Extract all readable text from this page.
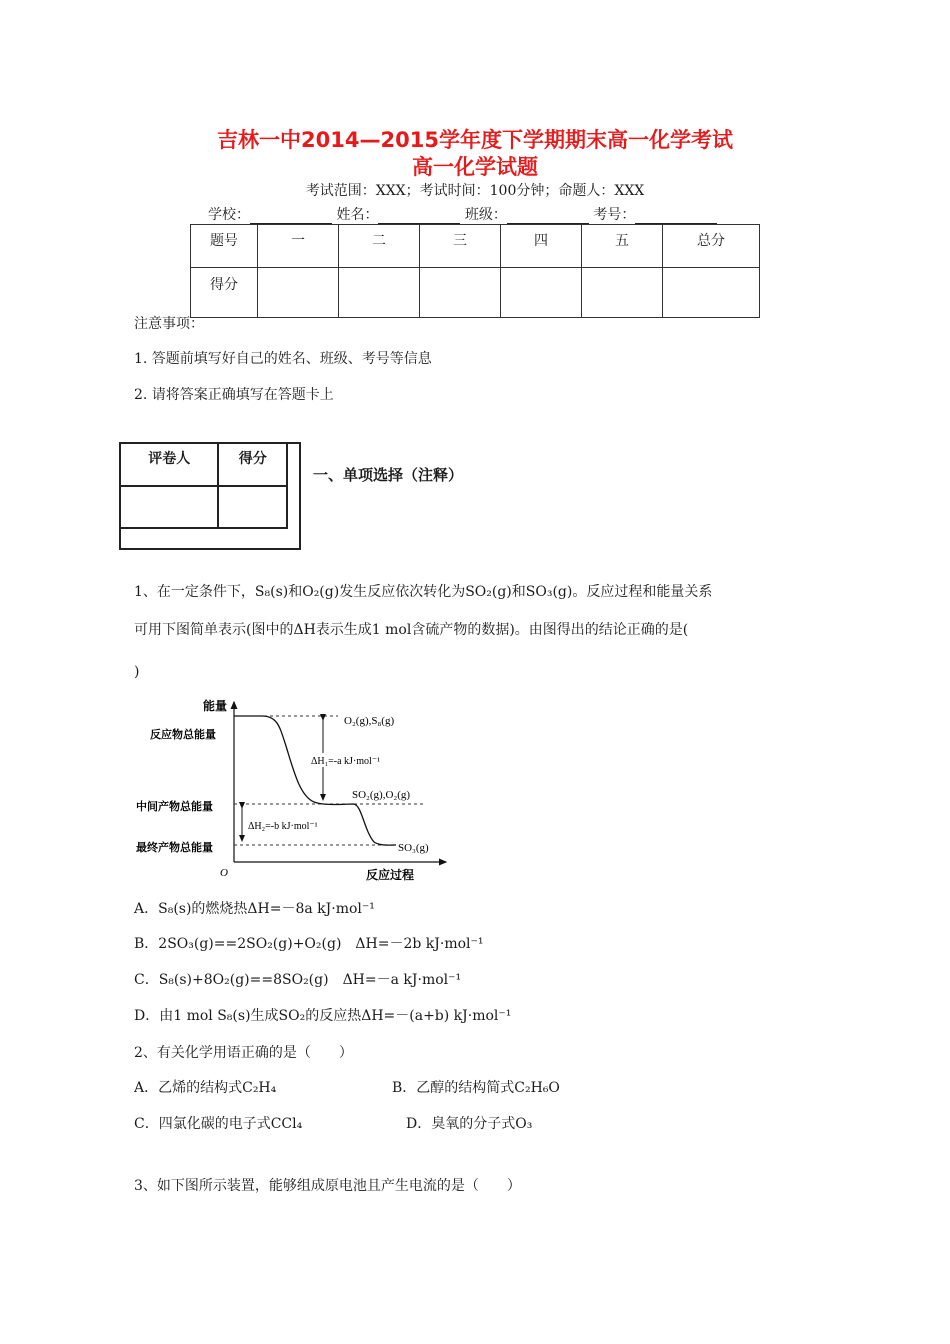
吉林一中2014—2015学年度下学期期末高一化学考试
高一化学试题
考试范围：XXX；考试时间：100分钟；命题人：XXX
学校：	姓名：	班级：	考号：
题号	一	二	三	四	五	总分
得分						
注意事项：
1. 答题前填写好自己的姓名、班级、考号等信息
2. 请将答案正确填写在答题卡上
评卷人	得分

一、单项选择（注释）
1、在一定条件下，S₈(s)和O₂(g)发生反应依次转化为SO₂(g)和SO₃(g)。反应过程和能量关系
可用下图简单表示(图中的ΔH表示生成1 mol含硫产物的数据)。由图得出的结论正确的是(
)
能量
反应过程
O
ΔH₁=-a kJ·mol⁻¹
ΔH₂=-b kJ·mol⁻¹
反应物总能量
中间产物总能量
最终产物总能量
O₂(g),S₈(g)
SO₂(g),O₂(g)
SO₃(g)
A．S₈(s)的燃烧热ΔH=－8a kJ·mol⁻¹
B．2SO₃(g)==2SO₂(g)+O₂(g)　ΔH=－2b kJ·mol⁻¹
C．S₈(s)+8O₂(g)==8SO₂(g)　ΔH=－a kJ·mol⁻¹
D．由1 mol S₈(s)生成SO₂的反应热ΔH=－(a+b) kJ·mol⁻¹
2、有关化学用语正确的是（　　）
A．乙烯的结构式C₂H₄	B．乙醇的结构简式C₂H₆O
C．四氯化碳的电子式CCl₄	D．臭氧的分子式O₃
3、如下图所示装置，能够组成原电池且产生电流的是（　　）
